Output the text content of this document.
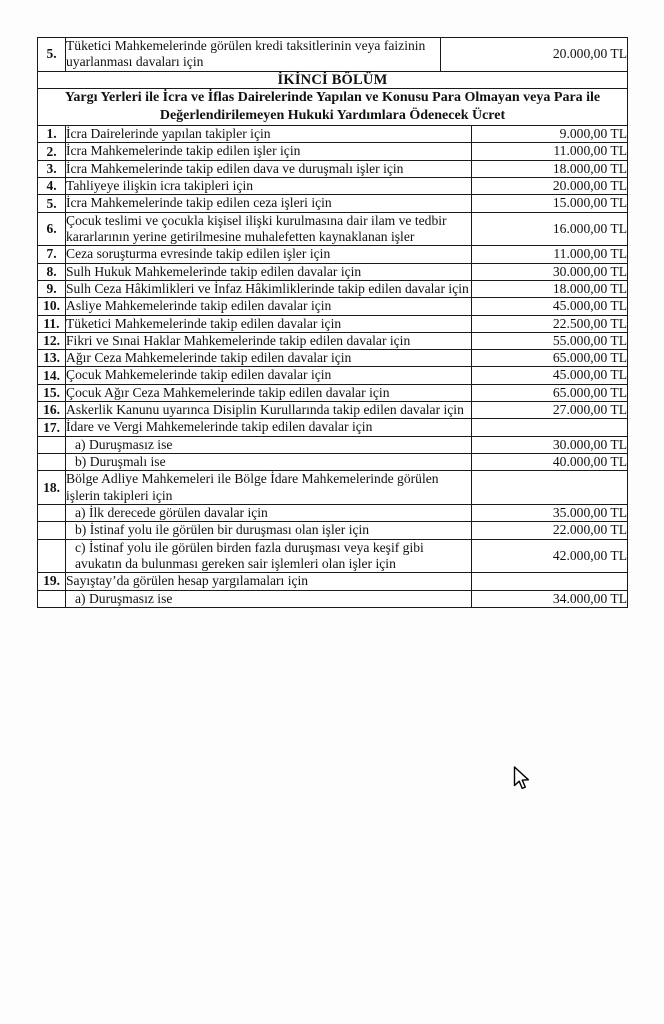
5.	Tüketici Mahkemelerinde görülen kredi taksitlerinin veya faizinin uyarlanması davaları için	20.000,00 TL
İKİNCİ BÖLÜM		
Yargı Yerleri ile İcra ve İflas Dairelerinde Yapılan ve Konusu Para Olmayan veya Para ile Değerlendirilemeyen Hukuki Yardımlara Ödenecek Ücret		
1.	İcra Dairelerinde yapılan takipler için	9.000,00 TL
2.	İcra Mahkemelerinde takip edilen işler için	11.000,00 TL
3.	İcra Mahkemelerinde takip edilen dava ve duruşmalı işler için	18.000,00 TL
4.	Tahliyeye ilişkin icra takipleri için	20.000,00 TL
5.	İcra Mahkemelerinde takip edilen ceza işleri için	15.000,00 TL
6.	Çocuk teslimi ve çocukla kişisel ilişki kurulmasına dair ilam ve tedbir kararlarının yerine getirilmesine muhalefetten kaynaklanan işler	16.000,00 TL
7.	Ceza soruşturma evresinde takip edilen işler için	11.000,00 TL
8.	Sulh Hukuk Mahkemelerinde takip edilen davalar için	30.000,00 TL
9.	Sulh Ceza Hâkimlikleri ve İnfaz Hâkimliklerinde takip edilen davalar için	18.000,00 TL
10.	Asliye Mahkemelerinde takip edilen davalar için	45.000,00 TL
11.	Tüketici Mahkemelerinde takip edilen davalar için	22.500,00 TL
12.	Fikri ve Sınai Haklar Mahkemelerinde takip edilen davalar için	55.000,00 TL
13.	Ağır Ceza Mahkemelerinde takip edilen davalar için	65.000,00 TL
14.	Çocuk Mahkemelerinde takip edilen davalar için	45.000,00 TL
15.	Çocuk Ağır Ceza Mahkemelerinde takip edilen davalar için	65.000,00 TL
16.	Askerlik Kanunu uyarınca Disiplin Kurullarında takip edilen davalar için	27.000,00 TL
17.	İdare ve Vergi Mahkemelerinde takip edilen davalar için	
	a) Duruşmasız ise	30.000,00 TL
	b) Duruşmalı ise	40.000,00 TL
18.	Bölge Adliye Mahkemeleri ile Bölge İdare Mahkemelerinde görülen işlerin takipleri için	
	a) İlk derecede görülen davalar için	35.000,00 TL
	b) İstinaf yolu ile görülen bir duruşması olan işler için	22.000,00 TL
	c) İstinaf yolu ile görülen birden fazla duruşması veya keşif gibi avukatın da bulunması gereken sair işlemleri olan işler için	42.000,00 TL
19.	Sayıştay’da görülen hesap yargılamaları için	
	a) Duruşmasız ise	34.000,00 TL
